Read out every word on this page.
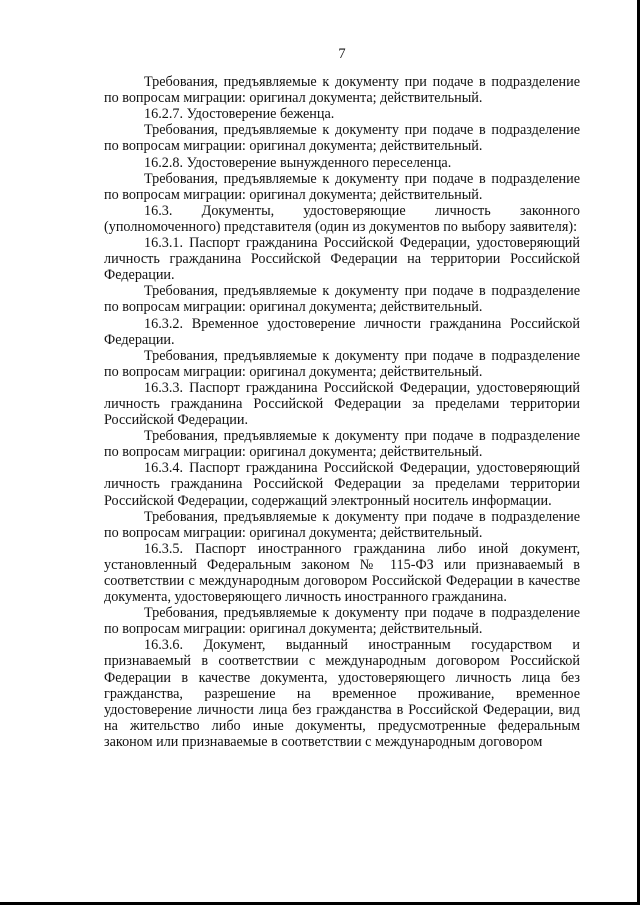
7

Требования, предъявляемые к документу при подаче в подразделение по вопросам миграции: оригинал документа; действительный.

16.2.7. Удостоверение беженца.

Требования, предъявляемые к документу при подаче в подразделение по вопросам миграции: оригинал документа; действительный.

16.2.8. Удостоверение вынужденного переселенца.

Требования, предъявляемые к документу при подаче в подразделение по вопросам миграции: оригинал документа; действительный.

16.3. Документы, удостоверяющие личность законного (уполномоченного) представителя (один из документов по выбору заявителя):

16.3.1. Паспорт гражданина Российской Федерации, удостоверяющий личность гражданина Российской Федерации на территории Российской Федерации.

Требования, предъявляемые к документу при подаче в подразделение по вопросам миграции: оригинал документа; действительный.

16.3.2. Временное удостоверение личности гражданина Российской Федерации.

Требования, предъявляемые к документу при подаче в подразделение по вопросам миграции: оригинал документа; действительный.

16.3.3. Паспорт гражданина Российской Федерации, удостоверяющий личность гражданина Российской Федерации за пределами территории Российской Федерации.

Требования, предъявляемые к документу при подаче в подразделение по вопросам миграции: оригинал документа; действительный.

16.3.4. Паспорт гражданина Российской Федерации, удостоверяющий личность гражданина Российской Федерации за пределами территории Российской Федерации, содержащий электронный носитель информации.

Требования, предъявляемые к документу при подаче в подразделение по вопросам миграции: оригинал документа; действительный.

16.3.5. Паспорт иностранного гражданина либо иной документ, установленный Федеральным законом № 115-ФЗ или признаваемый в соответствии с международным договором Российской Федерации в качестве документа, удостоверяющего личность иностранного гражданина.

Требования, предъявляемые к документу при подаче в подразделение по вопросам миграции: оригинал документа; действительный.

16.3.6. Документ, выданный иностранным государством и признаваемый в соответствии с международным договором Российской Федерации в качестве документа, удостоверяющего личность лица без гражданства, разрешение на временное проживание, временное удостоверение личности лица без гражданства в Российской Федерации, вид на жительство либо иные документы, предусмотренные федеральным законом или признаваемые в соответствии с международным договором
